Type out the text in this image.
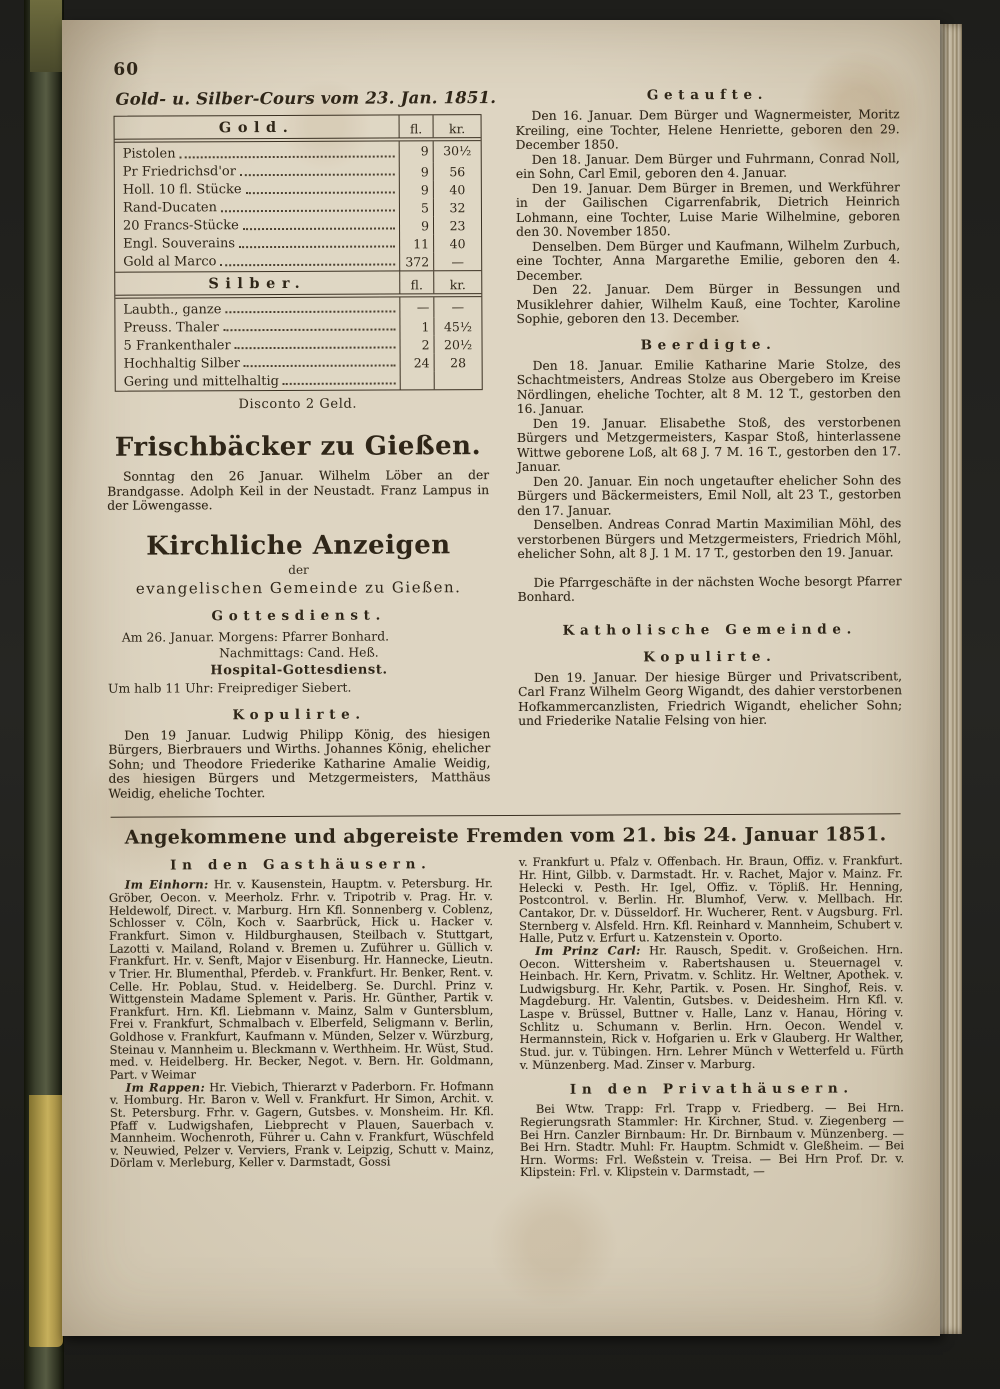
60
Gold- u. Silber-Cours vom 23. Jan. 1851.
Gold.	fl.	kr.
Pistolen	9	30½
Pr Friedrichsd'or	9	56
Holl. 10 fl. Stücke	9	40
Rand-Ducaten	5	32
20 Francs-Stücke	9	23
Engl. Souverains	11	40
Gold al Marco	372	—
Silber.	fl.	kr.
Laubth., ganze	—	—
Preuss. Thaler	1	45½
5 Frankenthaler	2	20½
Hochhaltig Silber	24	28
Gering und mittelhaltig
Disconto 2 Geld.
Frischbäcker zu Gießen.

Sonntag den 26 Januar. Wilhelm Löber an der Brandgasse. Adolph Keil in der Neustadt. Franz Lampus in der Löwengasse.

Kirchliche Anzeigen
der
evangelischen Gemeinde zu Gießen.
Gottesdienst.
Am 26. Januar. Morgens: Pfarrer Bonhard.
Nachmittags: Cand. Heß.
Hospital-Gottesdienst.
Um halb 11 Uhr: Freiprediger Siebert.
Kopulirte.

Den 19 Januar. Ludwig Philipp König, des hiesigen Bürgers, Bierbrauers und Wirths. Johannes König, ehelicher Sohn; und Theodore Friederike Katharine Amalie Weidig, des hiesigen Bürgers und Metzgermeisters, Matthäus Weidig, eheliche Tochter.

Getaufte.

Den 16. Januar. Dem Bürger und Wagnermeister, Moritz Kreiling, eine Tochter, Helene Henriette, geboren den 29. December 1850.

Den 18. Januar. Dem Bürger und Fuhrmann, Conrad Noll, ein Sohn, Carl Emil, geboren den 4. Januar.

Den 19. Januar. Dem Bürger in Bremen, und Werkführer in der Gailischen Cigarrenfabrik, Dietrich Heinrich Lohmann, eine Tochter, Luise Marie Wilhelmine, geboren den 30. November 1850.

Denselben. Dem Bürger und Kaufmann, Wilhelm Zurbuch, eine Tochter, Anna Margarethe Emilie, geboren den 4. December.

Den 22. Januar. Dem Bürger in Bessungen und Musiklehrer dahier, Wilhelm Kauß, eine Tochter, Karoline Sophie, geboren den 13. December.

Beerdigte.

Den 18. Januar. Emilie Katharine Marie Stolze, des Schachtmeisters, Andreas Stolze aus Obergebero im Kreise Nördlingen, eheliche Tochter, alt 8 M. 12 T., gestorben den 16. Januar.

Den 19. Januar. Elisabethe Stoß, des verstorbenen Bürgers und Metzgermeisters, Kaspar Stoß, hinterlassene Wittwe geborene Loß, alt 68 J. 7 M. 16 T., gestorben den 17. Januar.

Den 20. Januar. Ein noch ungetaufter ehelicher Sohn des Bürgers und Bäckermeisters, Emil Noll, alt 23 T., gestorben den 17. Januar.

Denselben. Andreas Conrad Martin Maximilian Möhl, des verstorbenen Bürgers und Metzgermeisters, Friedrich Möhl, ehelicher Sohn, alt 8 J. 1 M. 17 T., gestorben den 19. Januar.

Die Pfarrgeschäfte in der nächsten Woche besorgt Pfarrer Bonhard.

Katholische Gemeinde.
Kopulirte.

Den 19. Januar. Der hiesige Bürger und Privatscribent, Carl Franz Wilhelm Georg Wigandt, des dahier verstorbenen Hofkammercanzlisten, Friedrich Wigandt, ehelicher Sohn; und Friederike Natalie Felsing von hier.

Angekommene und abgereiste Fremden vom 21. bis 24. Januar 1851.
In den Gasthäusern.

Im Einhorn: Hr. v. Kausenstein, Hauptm. v. Petersburg. Hr. Gröber, Oecon. v. Meerholz. Frhr. v. Tripotrib v. Prag. Hr. v. Heldewolf, Direct. v. Marburg. Hrn Kfl. Sonnenberg v. Coblenz, Schlosser v. Cöln, Koch v. Saarbrück, Hick u. Hacker v. Frankfurt. Simon v. Hildburghausen, Steilbach v. Stuttgart, Lazotti v. Mailand, Roland v. Bremen u. Zuführer u. Güllich v. Frankfurt. Hr. v. Senft, Major v Eisenburg. Hr. Hannecke, Lieutn. v Trier. Hr. Blumenthal, Pferdeb. v. Frankfurt. Hr. Benker, Rent. v. Celle. Hr. Poblau, Stud. v. Heidelberg. Se. Durchl. Prinz v. Wittgenstein Madame Splement v. Paris. Hr. Günther, Partik v. Frankfurt. Hrn. Kfl. Liebmann v. Mainz, Salm v Guntersblum, Frei v. Frankfurt, Schmalbach v. Elberfeld, Seligmann v. Berlin, Goldhose v. Frankfurt, Kaufmann v. Münden, Selzer v. Würzburg, Steinau v. Mannheim u. Bleckmann v. Werthheim. Hr. Wüst, Stud. med. v. Heidelberg. Hr. Becker, Negot. v. Bern. Hr. Goldmann, Part. v Weimar

Im Rappen: Hr. Viebich, Thierarzt v Paderborn. Fr. Hofmann v. Homburg. Hr. Baron v. Well v. Frankfurt. Hr Simon, Archit. v. St. Petersburg. Frhr. v. Gagern, Gutsbes. v. Monsheim. Hr. Kfl. Pfaff v. Ludwigshafen, Liebprecht v Plauen, Sauerbach v. Mannheim. Wochenroth, Führer u. Cahn v. Frankfurt, Wüschfeld v. Neuwied, Pelzer v. Verviers, Frank v. Leipzig, Schutt v. Mainz, Dörlam v. Merleburg, Keller v. Darmstadt, Gossi

v. Frankfurt u. Pfalz v. Offenbach. Hr. Braun, Offiz. v. Frankfurt. Hr. Hint, Gilbb. v. Darmstadt. Hr. v. Rachet, Major v. Mainz. Fr. Helecki v. Pesth. Hr. Igel, Offiz. v. Töpliß. Hr. Henning, Postcontrol. v. Berlin. Hr. Blumhof, Verw. v. Mellbach. Hr. Cantakor, Dr. v. Düsseldorf. Hr. Wucherer, Rent. v Augsburg. Frl. Sternberg v. Alsfeld. Hrn. Kfl. Reinhard v. Mannheim, Schubert v. Halle, Putz v. Erfurt u. Katzenstein v. Oporto.

Im Prinz Carl: Hr. Rausch, Spedit. v. Großeichen. Hrn. Oecon. Wittersheim v. Rabertshausen u. Steuernagel v. Heinbach. Hr. Kern, Privatm. v. Schlitz. Hr. Weltner, Apothek. v. Ludwigsburg. Hr. Kehr, Partik. v. Posen. Hr. Singhof, Reis. v. Magdeburg. Hr. Valentin, Gutsbes. v. Deidesheim. Hrn Kfl. v. Laspe v. Brüssel, Buttner v. Halle, Lanz v. Hanau, Höring v. Schlitz u. Schumann v. Berlin. Hrn. Oecon. Wendel v. Hermannstein, Rick v. Hofgarien u. Erk v Glauberg. Hr Walther, Stud. jur. v. Tübingen. Hrn. Lehrer Münch v Wetterfeld u. Fürth v. Münzenberg. Mad. Zinser v. Marburg.

In den Privathäusern.

Bei Wtw. Trapp: Frl. Trapp v. Friedberg. — Bei Hrn. Regierungsrath Stammler: Hr. Kirchner, Stud. v. Ziegenberg — Bei Hrn. Canzler Birnbaum: Hr. Dr. Birnbaum v. Münzenberg. — Bei Hrn. Stadtr. Muhl: Fr. Hauptm. Schmidt v. Gleßheim. — Bei Hrn. Worms: Frl. Weßstein v. Treisa. — Bei Hrn Prof. Dr. v. Klipstein: Frl. v. Klipstein v. Darmstadt, —
